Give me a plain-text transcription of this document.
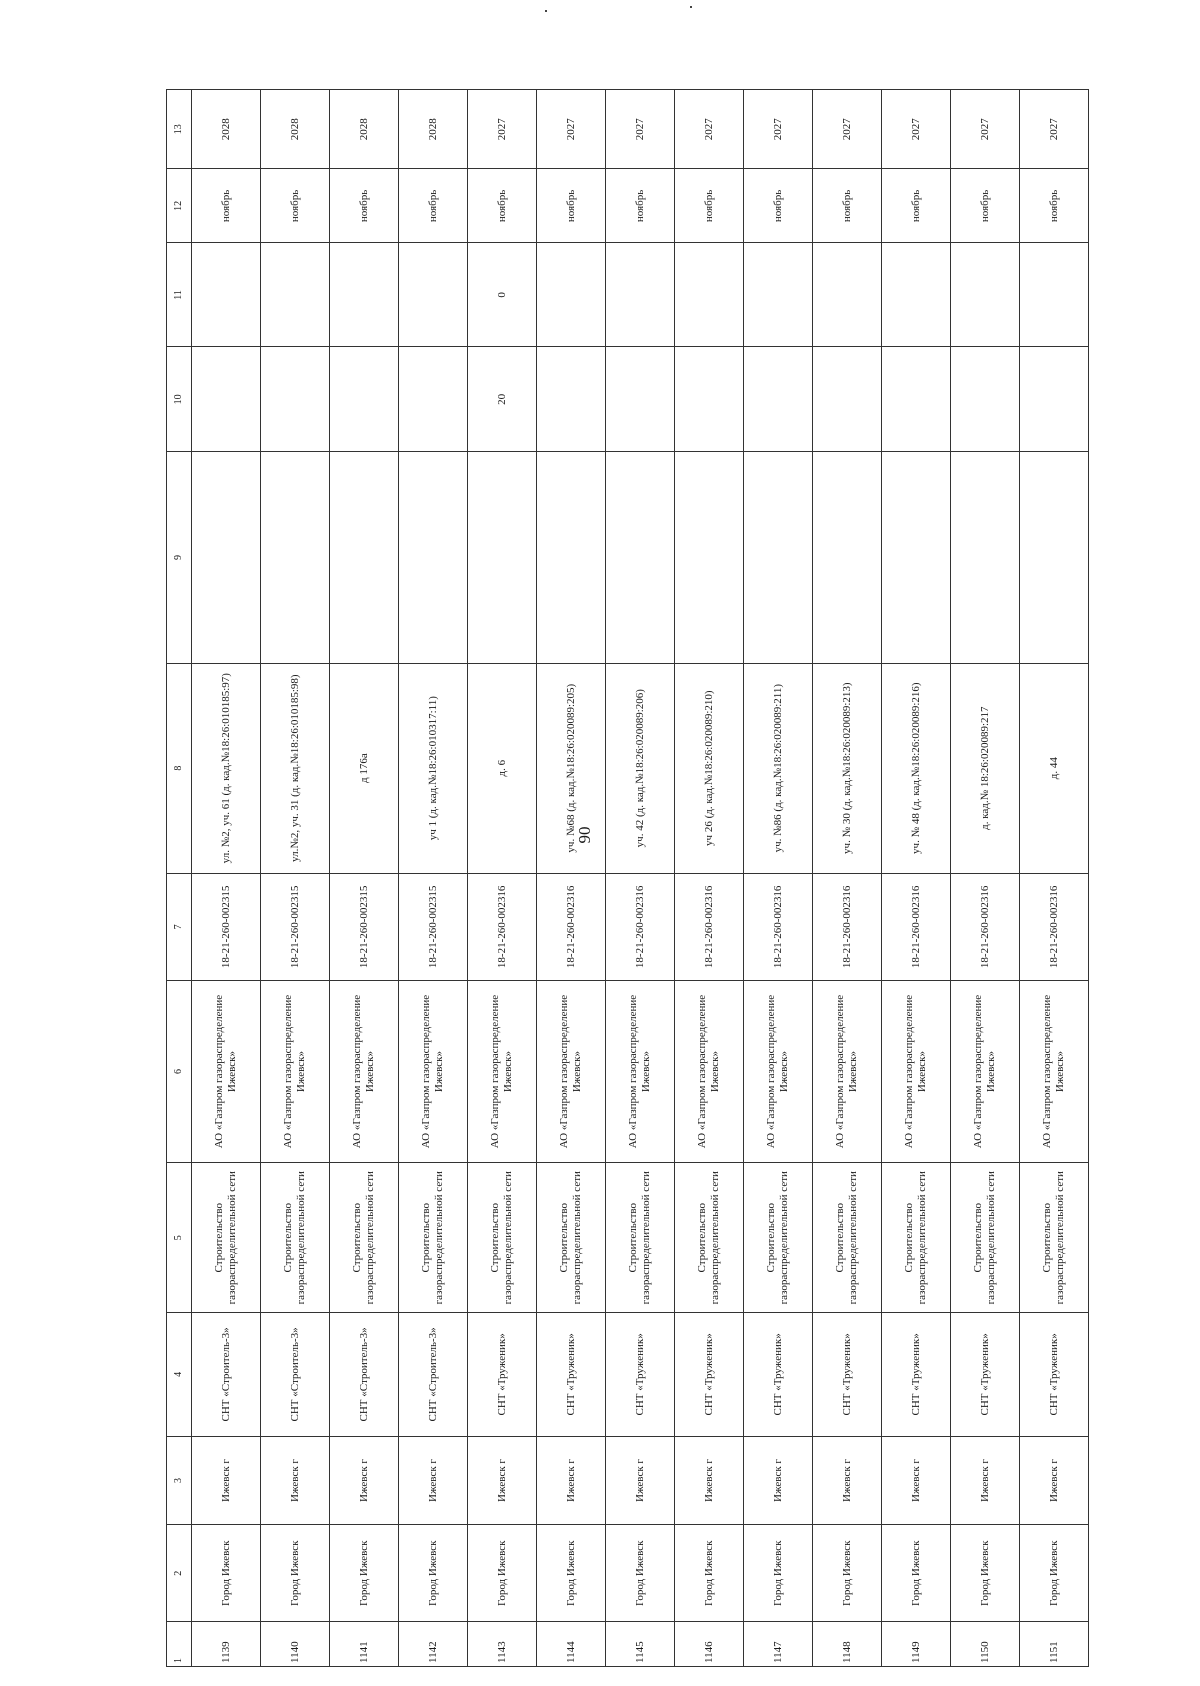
90
1	2	3	4	5	6	7	8	9	10	11	12	13
1139	Город Ижевск	Ижевск г	СНТ «Строитель-3»	Строительство газораспределительной сети	АО «Газпром газораспределение Ижевск»	18-21-260-002315	ул. №2, уч. 61 (д. кад.№18:26:010185:97)				ноябрь	2028
1140	Город Ижевск	Ижевск г	СНТ «Строитель-3»	Строительство газораспределительной сети	АО «Газпром газораспределение Ижевск»	18-21-260-002315	ул.№2, уч. 31 (д. кад.№18:26:010185:98)				ноябрь	2028
1141	Город Ижевск	Ижевск г	СНТ «Строитель-3»	Строительство газораспределительной сети	АО «Газпром газораспределение Ижевск»	18-21-260-002315	д 176а				ноябрь	2028
1142	Город Ижевск	Ижевск г	СНТ «Строитель-3»	Строительство газораспределительной сети	АО «Газпром газораспределение Ижевск»	18-21-260-002315	уч 1 (д. кад.№18:26:010317:11)				ноябрь	2028
1143	Город Ижевск	Ижевск г	СНТ «Труженик»	Строительство газораспределительной сети	АО «Газпром газораспределение Ижевск»	18-21-260-002316	д. 6		20	0	ноябрь	2027
1144	Город Ижевск	Ижевск г	СНТ «Труженик»	Строительство газораспределительной сети	АО «Газпром газораспределение Ижевск»	18-21-260-002316	уч. №68 (д. кад.№18:26:020089:205)				ноябрь	2027
1145	Город Ижевск	Ижевск г	СНТ «Труженик»	Строительство газораспределительной сети	АО «Газпром газораспределение Ижевск»	18-21-260-002316	уч. 42 (д. кад.№18:26:020089:206)				ноябрь	2027
1146	Город Ижевск	Ижевск г	СНТ «Труженик»	Строительство газораспределительной сети	АО «Газпром газораспределение Ижевск»	18-21-260-002316	уч 26 (д. кад.№18:26:020089:210)				ноябрь	2027
1147	Город Ижевск	Ижевск г	СНТ «Труженик»	Строительство газораспределительной сети	АО «Газпром газораспределение Ижевск»	18-21-260-002316	уч. №86 (д. кад.№18:26:020089:211)				ноябрь	2027
1148	Город Ижевск	Ижевск г	СНТ «Труженик»	Строительство газораспределительной сети	АО «Газпром газораспределение Ижевск»	18-21-260-002316	уч. № 30 (д. кад.№18:26:020089:213)				ноябрь	2027
1149	Город Ижевск	Ижевск г	СНТ «Труженик»	Строительство газораспределительной сети	АО «Газпром газораспределение Ижевск»	18-21-260-002316	уч. № 48 (д. кад.№18:26:020089:216)				ноябрь	2027
1150	Город Ижевск	Ижевск г	СНТ «Труженик»	Строительство газораспределительной сети	АО «Газпром газораспределение Ижевск»	18-21-260-002316	д. кад.№ 18:26:020089:217				ноябрь	2027
1151	Город Ижевск	Ижевск г	СНТ «Труженик»	Строительство газораспределительной сети	АО «Газпром газораспределение Ижевск»	18-21-260-002316	д. 44				ноябрь	2027
